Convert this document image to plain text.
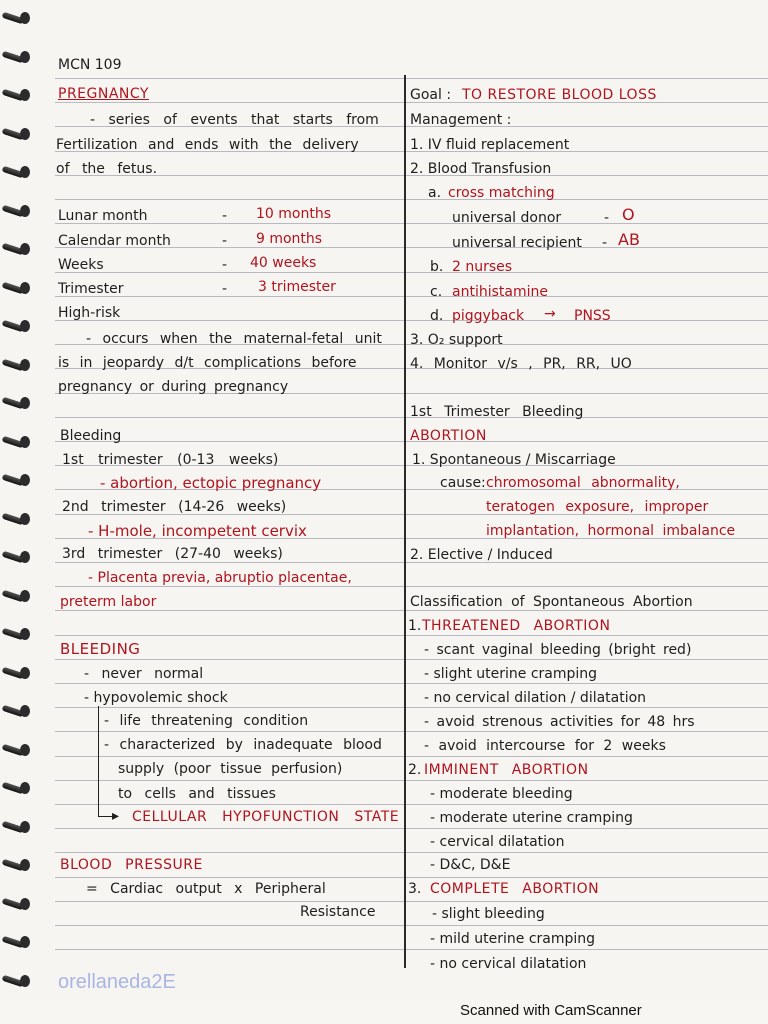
MCN 109
PREGNANCY
- series of events that starts from
Fertilization and ends with the delivery
of the fetus.
Lunar month	- 10 months
Calendar month	- 9 months
Weeks	- 40 weeks
Trimester	- 3 trimester
High-risk
- occurs when the maternal-fetal unit
is in jeopardy d/t complications before
pregnancy or during pregnancy
Bleeding
1st trimester (0-13 weeks)
- abortion, ectopic pregnancy
2nd trimester (14-26 weeks)
- H-mole, incompetent cervix
3rd trimester (27-40 weeks)
- Placenta previa, abruptio placentae,
preterm labor
BLEEDING
- never normal
- hypovolemic shock
- life threatening condition
- characterized by inadequate blood
supply (poor tissue perfusion)
to cells and tissues
▸ CELLULAR HYPOFUNCTION STATE
BLOOD PRESSURE
= Cardiac output x Peripheral
Resistance
Goal : TO RESTORE BLOOD LOSS
Management :
1. IV fluid replacement
2. Blood Transfusion
a. cross matching
universal donor	- O
universal recipient - AB
b. 2 nurses
c. antihistamine
d. piggyback → PNSS
3. O₂ support
4. Monitor v/s , PR, RR, UO
1st Trimester Bleeding
ABORTION
1. Spontaneous / Miscarriage
cause: chromosomal abnormality,
teratogen exposure, improper
implantation, hormonal imbalance
2. Elective / Induced
Classification of Spontaneous Abortion
1. THREATENED ABORTION
- scant vaginal bleeding (bright red)
- slight uterine cramping
- no cervical dilation / dilatation
- avoid strenous activities for 48 hrs
- avoid intercourse for 2 weeks
2. IMMINENT ABORTION
- moderate bleeding
- moderate uterine cramping
- cervical dilatation
- D&C, D&E
3. COMPLETE ABORTION
- slight bleeding
- mild uterine cramping
- no cervical dilatation
orellaneda2E
Scanned with CamScanner
